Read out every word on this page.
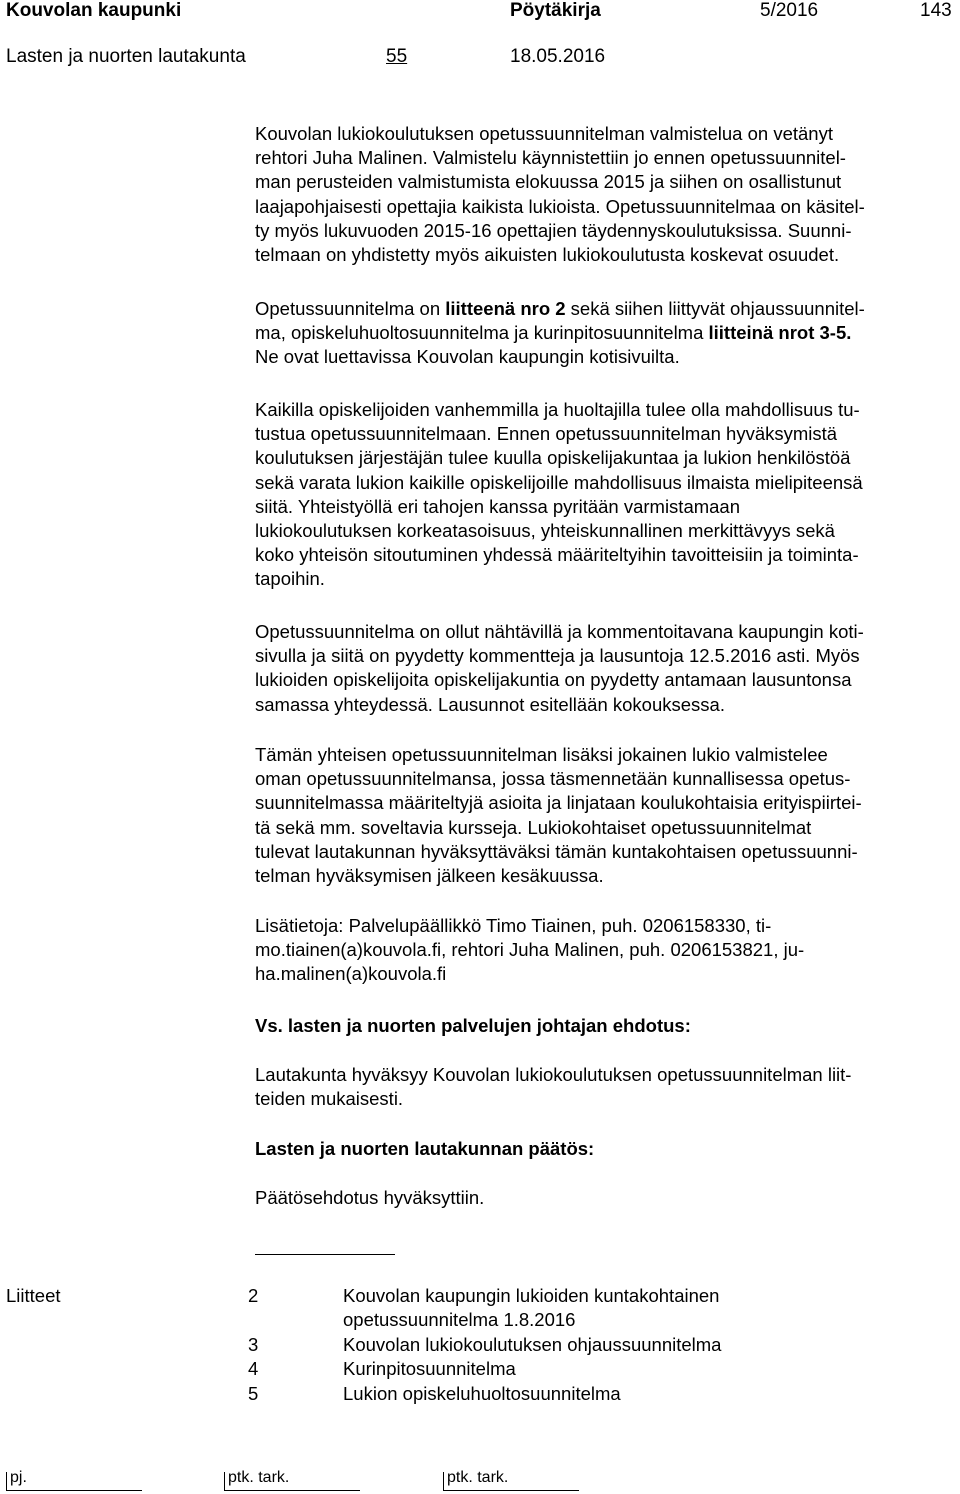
Kouvolan kaupunki	Pöytäkirja	5/2016	143
Lasten ja nuorten lautakunta	55	18.05.2016

Kouvolan lukiokoulutuksen opetussuunnitelman valmistelua on vetänyt

rehtori Juha Malinen. Valmistelu käynnistettiin jo ennen opetussuunnitel-

man perusteiden valmistumista elokuussa 2015 ja siihen on osallistunut

laajapohjaisesti opettajia kaikista lukioista. Opetussuunnitelmaa on käsitel-

ty myös lukuvuoden 2015-16 opettajien täydennyskoulutuksissa. Suunni-

telmaan on yhdistetty myös aikuisten lukiokoulutusta koskevat osuudet.

Opetussuunnitelma on liitteenä nro 2 sekä siihen liittyvät ohjaussuunnitel-

ma, opiskeluhuoltosuunnitelma ja kurinpitosuunnitelma liitteinä nrot 3-5.

Ne ovat luettavissa Kouvolan kaupungin kotisivuilta.

Kaikilla opiskelijoiden vanhemmilla ja huoltajilla tulee olla mahdollisuus tu-

tustua opetussuunnitelmaan. Ennen opetussuunnitelman hyväksymistä

koulutuksen järjestäjän tulee kuulla opiskelijakuntaa ja lukion henkilöstöä

sekä varata lukion kaikille opiskelijoille mahdollisuus ilmaista mielipiteensä

siitä. Yhteistyöllä eri tahojen kanssa pyritään varmistamaan

lukiokoulutuksen korkeatasoisuus, yhteiskunnallinen merkittävyys sekä

koko yhteisön sitoutuminen yhdessä määriteltyihin tavoitteisiin ja toiminta-

tapoihin.

Opetussuunnitelma on ollut nähtävillä ja kommentoitavana kaupungin koti-

sivulla ja siitä on pyydetty kommentteja ja lausuntoja 12.5.2016 asti. Myös

lukioiden opiskelijoita opiskelijakuntia on pyydetty antamaan lausuntonsa

samassa yhteydessä. Lausunnot esitellään kokouksessa.

Tämän yhteisen opetussuunnitelman lisäksi jokainen lukio valmistelee

oman opetussuunnitelmansa, jossa täsmennetään kunnallisessa opetus-

suunnitelmassa määriteltyjä asioita ja linjataan koulukohtaisia erityispiirtei-

tä sekä mm. soveltavia kursseja. Lukiokohtaiset opetussuunnitelmat

tulevat lautakunnan hyväksyttäväksi tämän kuntakohtaisen opetussuunni-

telman hyväksymisen jälkeen kesäkuussa.

Lisätietoja: Palvelupäällikkö Timo Tiainen, puh. 0206158330, ti-

mo.tiainen(a)kouvola.fi, rehtori Juha Malinen, puh. 0206153821, ju-

ha.malinen(a)kouvola.fi

Vs. lasten ja nuorten palvelujen johtajan ehdotus:

Lautakunta hyväksyy Kouvolan lukiokoulutuksen opetussuunnitelman liit-

teiden mukaisesti.

Lasten ja nuorten lautakunnan päätös:
Päätösehdotus hyväksyttiin.
Liitteet	2	Kouvolan kaupungin lukioiden kuntakohtainen
opetussuunnitelma 1.8.2016
3	Kouvolan lukiokoulutuksen ohjaussuunnitelma
4	Kurinpitosuunnitelma
5	Lukion opiskeluhuoltosuunnitelma
pj.	ptk. tark.	ptk. tark.
